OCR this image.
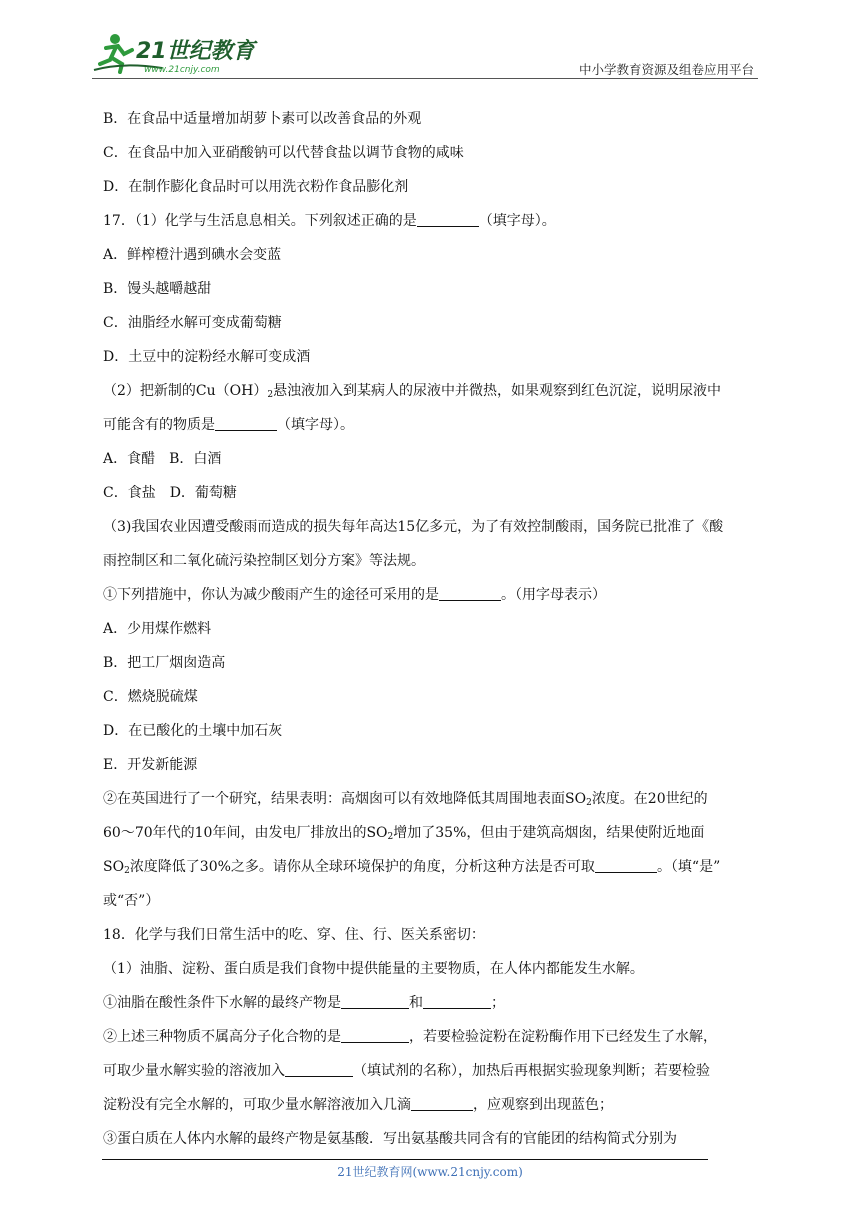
21世纪教育
www.21cnjy.com	中小学教育资源及组卷应用平台
B．在食品中适量增加胡萝卜素可以改善食品的外观
C．在食品中加入亚硝酸钠可以代替食盐以调节食物的咸味
D．在制作膨化食品时可以用洗衣粉作食品膨化剂
17．（1）化学与生活息息相关。下列叙述正确的是	（填字母）。
A．鲜榨橙汁遇到碘水会变蓝
B．馒头越嚼越甜
C．油脂经水解可变成葡萄糖
D．土豆中的淀粉经水解可变成酒
（2）把新制的$Cu(OH)_2$悬浊液加入到某病人的尿液中并微热，如果观察到红色沉淀，说明尿液中
可能含有的物质是	（填字母）。
A．食醋　B．白酒
C．食盐　D．葡萄糖
（3)我国农业因遭受酸雨而造成的损失每年高达15亿多元，为了有效控制酸雨，国务院已批准了《酸
雨控制区和二氧化硫污染控制区划分方案》等法规。
①下列措施中，你认为减少酸雨产生的途径可采用的是	。（用字母表示）
A．少用煤作燃料
B．把工厂烟囱造高
C．燃烧脱硫煤
D．在已酸化的土壤中加石灰
E．开发新能源
②在英国进行了一个研究，结果表明：高烟囱可以有效地降低其周围地表面$SO_2$浓度。在20世纪的
60～70年代的10年间，由发电厂排放出的$SO_2$增加了35%，但由于建筑高烟囱，结果使附近地面
$SO_2$浓度降低了30%之多。请你从全球环境保护的角度，分析这种方法是否可取	。（填“是”
或“否”）
18．化学与我们日常生活中的吃、穿、住、行、医关系密切：
（1）油脂、淀粉、蛋白质是我们食物中提供能量的主要物质，在人体内都能发生水解。
①油脂在酸性条件下水解的最终产物是	和	；
②上述三种物质不属高分子化合物的是	，若要检验淀粉在淀粉酶作用下已经发生了水解，
可取少量水解实验的溶液加入	（填试剂的名称），加热后再根据实验现象判断；若要检验
淀粉没有完全水解的，可取少量水解溶液加入几滴	，应观察到出现蓝色；
③蛋白质在人体内水解的最终产物是氨基酸．写出氨基酸共同含有的官能团的结构简式分别为
21世纪教育网(www.21cnjy.com)
